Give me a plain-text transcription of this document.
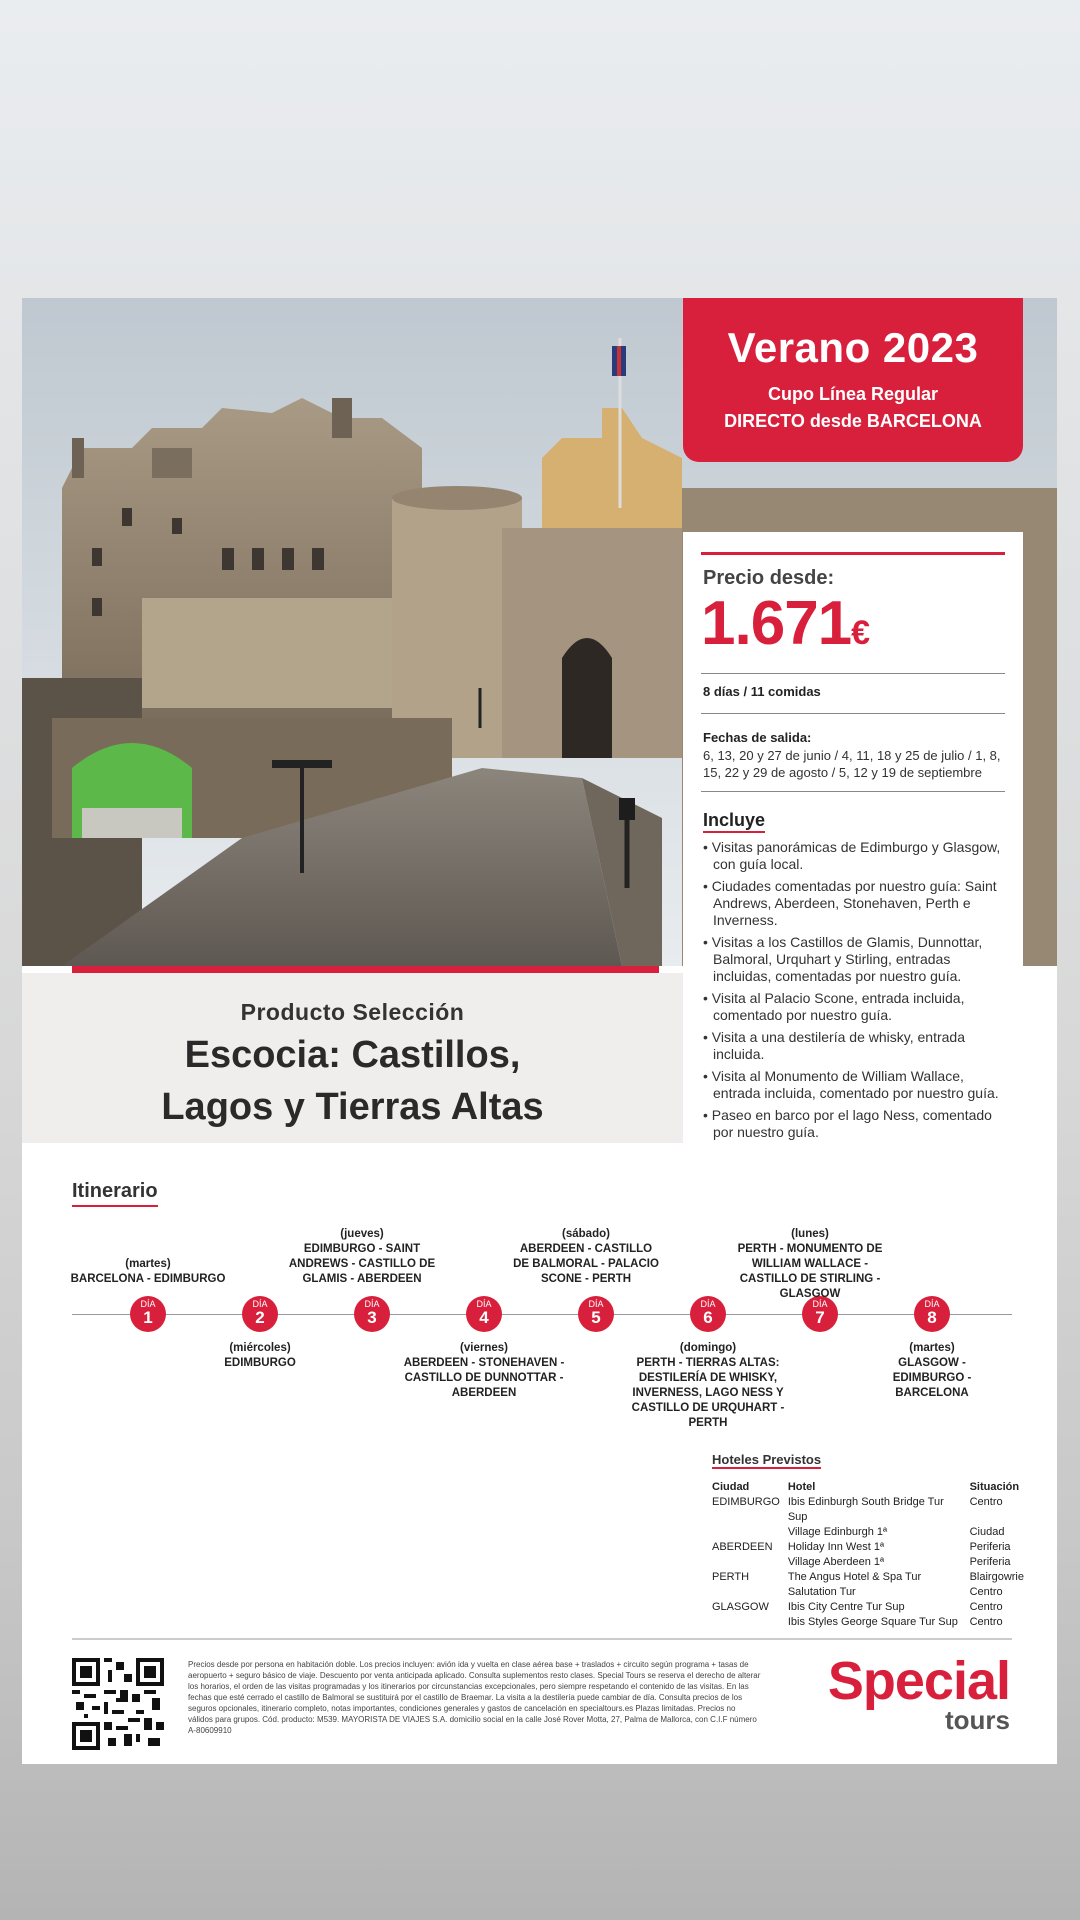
Verano 2023
Cupo Línea Regular
DIRECTO desde BARCELONA
Precio desde:
1.671€
8 días / 11 comidas
Fechas de salida:
6, 13, 20 y 27 de junio / 4, 11, 18 y 25 de julio / 1, 8, 15, 22 y 29 de agosto / 5, 12 y 19 de septiembre
Incluye
• Visitas panorámicas de Edimburgo y Glasgow, con guía local.
• Ciudades comentadas por nuestro guía: Saint Andrews, Aberdeen, Stonehaven, Perth e Inverness.
• Visitas a los Castillos de Glamis, Dunnottar, Balmoral, Urquhart y Stirling, entradas incluidas, comentadas por nuestro guía.
• Visita al Palacio Scone, entrada incluida, comentado por nuestro guía.
• Visita a una destilería de whisky, entrada incluida.
• Visita al Monumento de William Wallace, entrada incluida, comentado por nuestro guía.
• Paseo en barco por el lago Ness, comentado por nuestro guía.
Producto Selección
Escocia: Castillos,
Lagos y Tierras Altas
Itinerario
DÍA
1
DÍA
2
DÍA
3
DÍA
4
DÍA
5
DÍA
6
DÍA
7
DÍA
8
(martes)
BARCELONA - EDIMBURGO
(jueves)
EDIMBURGO - SAINT ANDREWS - CASTILLO DE GLAMIS - ABERDEEN
(sábado)
ABERDEEN - CASTILLO DE BALMORAL - PALACIO SCONE - PERTH
(lunes)
PERTH - MONUMENTO DE WILLIAM WALLACE - CASTILLO DE STIRLING - GLASGOW
(miércoles)
EDIMBURGO
(viernes)
ABERDEEN - STONEHAVEN - CASTILLO DE DUNNOTTAR - ABERDEEN
(domingo)
PERTH - TIERRAS ALTAS: DESTILERÍA DE WHISKY, INVERNESS, LAGO NESS Y CASTILLO DE URQUHART - PERTH
(martes)
GLASGOW - EDIMBURGO - BARCELONA
Hoteles Previstos
Ciudad	Hotel	Situación
EDIMBURGO	Ibis Edinburgh South Bridge Tur Sup	Centro
	Village Edinburgh 1ª	Ciudad
ABERDEEN	Holiday Inn West 1ª	Periferia
	Village Aberdeen 1ª	Periferia
PERTH	The Angus Hotel & Spa Tur	Blairgowrie
	Salutation Tur	Centro
GLASGOW	Ibis City Centre Tur Sup	Centro
	Ibis Styles George Square Tur Sup	Centro
Precios desde por persona en habitación doble. Los precios incluyen: avión ida y vuelta en clase aérea base + traslados + circuito según programa + tasas de aeropuerto + seguro básico de viaje. Descuento por venta anticipada aplicado. Consulta suplementos resto clases. Special Tours se reserva el derecho de alterar los horarios, el orden de las visitas programadas y los itinerarios por circunstancias excepcionales, pero siempre respetando el contenido de las visitas. En las fechas que esté cerrado el castillo de Balmoral se sustituirá por el castillo de Braemar. La visita a la destilería puede cambiar de día. Consulta precios de los seguros opcionales, itinerario completo, notas importantes, condiciones generales y gastos de cancelación en specialtours.es Plazas limitadas. Precios no válidos para grupos. Cód. producto: M539. MAYORISTA DE VIAJES S.A. domicilio social en la calle José Rover Motta, 27, Palma de Mallorca, con C.I.F número A-80609910
Special
tours
